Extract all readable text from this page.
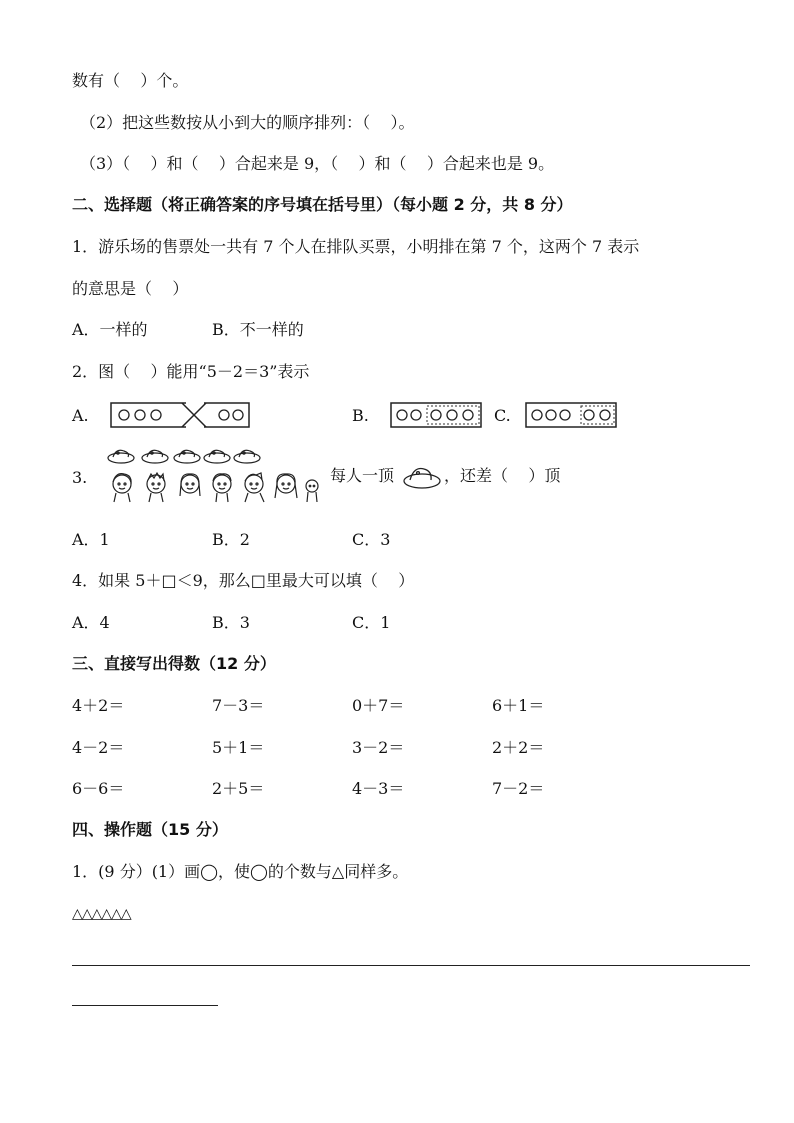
数有（    ）个。
（2）把这些数按从小到大的顺序排列：（    ）。
（3）（    ）和（    ）合起来是 9，（    ）和（    ）合起来也是 9。
二、选择题（将正确答案的序号填在括号里）（每小题 2 分，共 8 分）
1．游乐场的售票处一共有 7 个人在排队买票，小明排在第 7 个，这两个 7 表示
的意思是（    ）
A．一样的	B．不一样的
2．图（    ）能用“5－2＝3”表示
A.	B.	C.
3.	每人一顶	，还差（    ）顶
A．1	B．2	C．3
4．如果 5＋□＜9，那么□里最大可以填（    ）
A．4	B．3	C．1
三、直接写出得数（12 分）
4＋2＝	7－3＝	0＋7＝	6＋1＝
4－2＝	5＋1＝	3－2＝	2＋2＝
6－6＝	2＋5＝	4－3＝	7－2＝
四、操作题（15 分）
1．(9 分）(1）画◯，使◯的个数与△同样多。
△△△△△△
